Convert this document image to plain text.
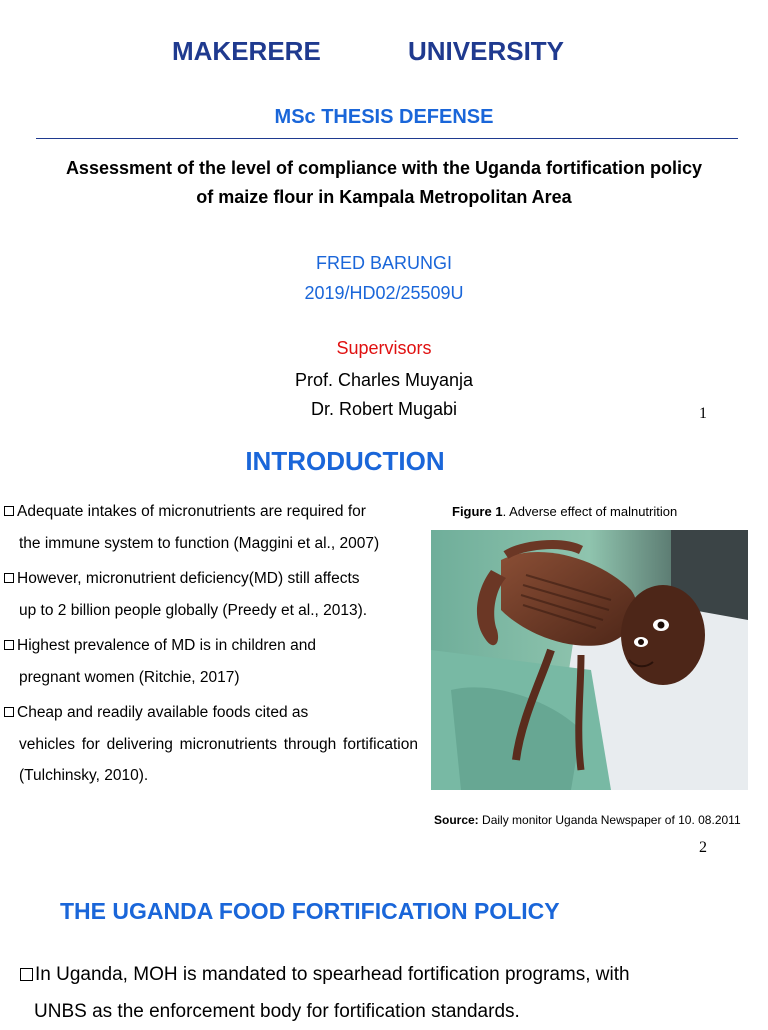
MAKERERE	UNIVERSITY
MSc THESIS DEFENSE
Assessment of the level of compliance with the Uganda fortification policy
of maize flour in Kampala Metropolitan Area
FRED BARUNGI
2019/HD02/25509U
Supervisors
Prof. Charles Muyanja
Dr. Robert Mugabi	1
INTRODUCTION
Adequate intakes of micronutrients are required for
the immune system to function (Maggini et al., 2007)
However, micronutrient deficiency(MD) still affects
up to 2 billion people globally (Preedy et al., 2013).
Highest prevalence of MD is in children and
pregnant women (Ritchie, 2017)
Cheap and readily available foods cited as
vehicles for delivering micronutrients through fortification (Tulchinsky, 2010).
Figure 1. Adverse effect of malnutrition
Source: Daily monitor Uganda Newspaper of 10. 08.2011
2
THE UGANDA FOOD FORTIFICATION POLICY
In Uganda, MOH is mandated to spearhead fortification programs, with
UNBS as the enforcement body for fortification standards.
